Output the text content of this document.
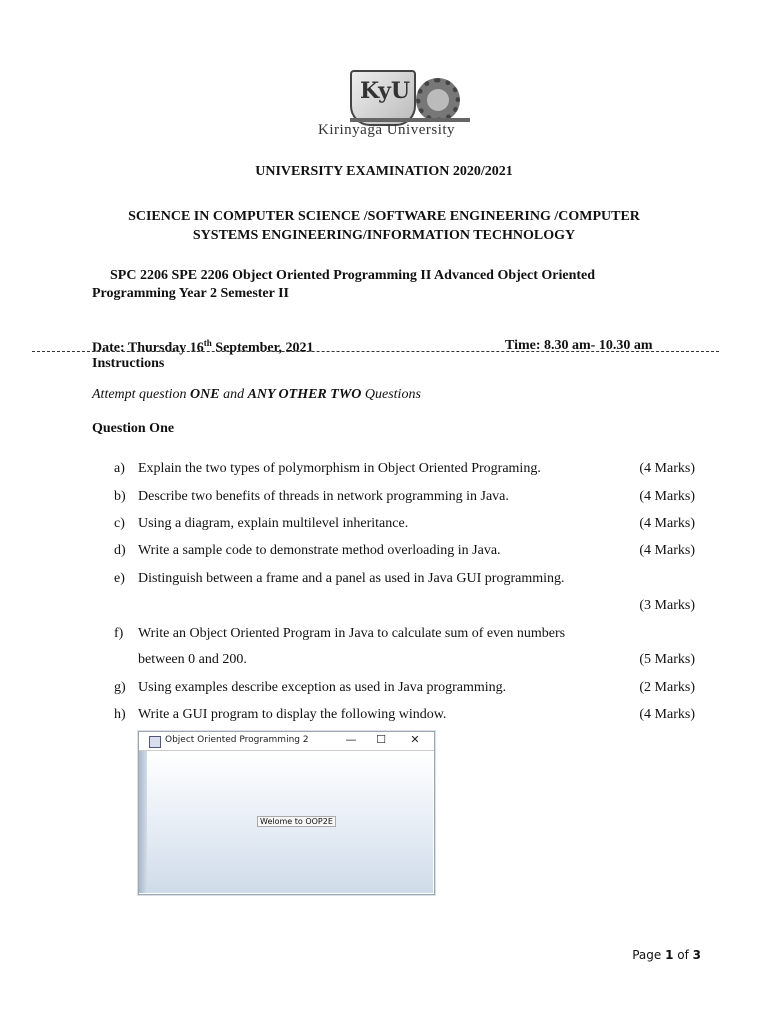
KyU
Kirinyaga University
UNIVERSITY EXAMINATION 2020/2021
SCIENCE IN COMPUTER SCIENCE /SOFTWARE ENGINEERING /COMPUTER
SYSTEMS ENGINEERING/INFORMATION TECHNOLOGY
SPC 2206 SPE 2206 Object Oriented Programming II Advanced Object Oriented
Programming Year 2 Semester II
Date: Thursday 16th September, 2021	Time: 8.30 am- 10.30 am
Instructions
Attempt question ONE and ANY OTHER TWO Questions
Question One
a) Explain the two types of polymorphism in Object Oriented Programing.	(4 Marks)
b) Describe two benefits of threads in network programming in Java.	(4 Marks)
c) Using a diagram, explain multilevel inheritance.	(4 Marks)
d) Write a sample code to demonstrate method overloading in Java.	(4 Marks)
e) Distinguish between a frame and a panel as used in Java GUI programming.
(3 Marks)
f) Write an Object Oriented Program in Java to calculate sum of even numbers
between 0 and 200.	(5 Marks)
g) Using examples describe exception as used in Java programming.	(2 Marks)
h) Write a GUI program to display the following window.	(4 Marks)
Object Oriented Programming 2	—	☐	✕
Welome to OOP2E
Page 1 of 3
